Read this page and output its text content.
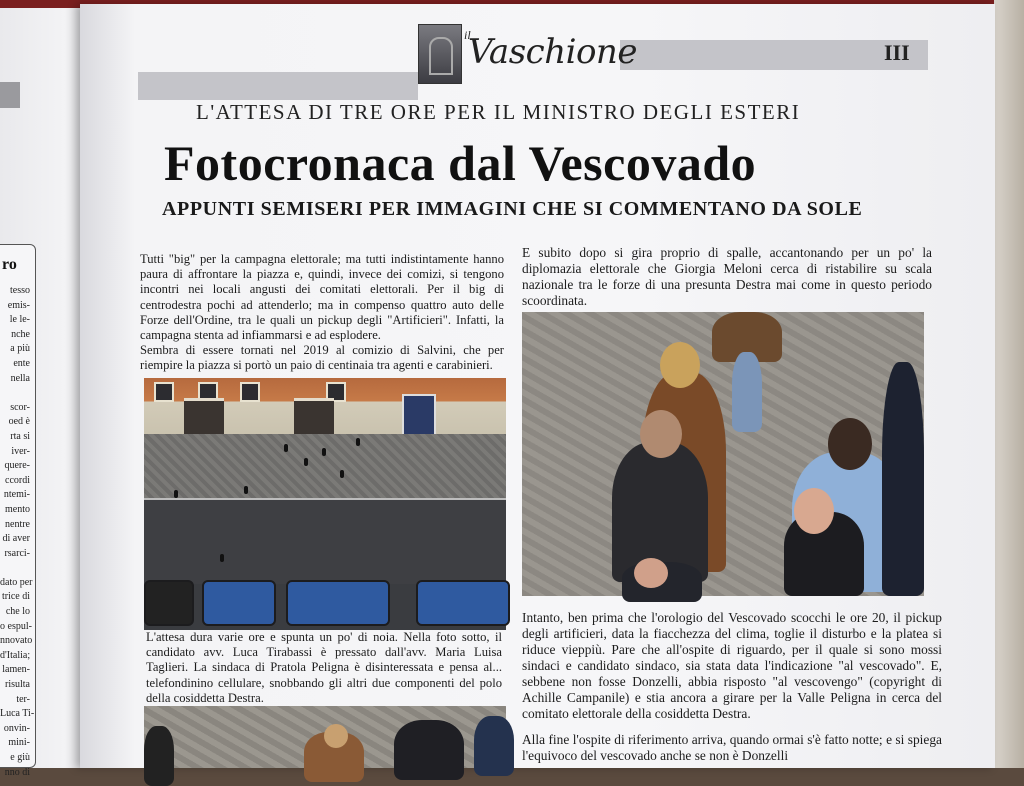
ro
tesso
emis-
le le-
nche
a più
ente
nella

scor-
oed è
rta si
iver-
quere-
ccordi
ntemi-
mento
nentre
di aver
rsarci-

dato per
trice di
che lo
o espul-
nnovato
d'Italia;
lamen-
risulta
ter-
Luca Ti-
onvin-
mini-
e giù
nno di
III
il
Vaschione
L'ATTESA DI TRE ORE PER IL MINISTRO DEGLI ESTERI
Fotocronaca dal Vescovado
APPUNTI SEMISERI PER IMMAGINI CHE SI COMMENTANO DA SOLE

Tutti "big" per la campagna elettorale; ma tutti indistintamente hanno paura di affrontare la piazza e, quindi, invece dei comizi, si tengono incontri nei locali angusti dei comitati elettorali. Per il big di centrodestra pochi ad attenderlo; ma in compenso quattro auto delle Forze dell'Ordine, tra le quali un pickup degli "Artificieri". Infatti, la campagna stenta ad infiammarsi e ad esplodere.

Sembra di essere tornati nel 2019 al comizio di Salvini, che per riempire la piazza si portò un paio di centinaia tra agenti e carabinieri.

L'attesa dura varie ore e spunta un po' di noia. Nella foto sotto, il candidato avv. Luca Tirabassi è pressato dall'avv. Maria Luisa Taglieri. La sindaca di Pratola Peligna è disinteressata e pensa al... telefondinino cellulare, snobbando gli altri due componenti del polo della cosiddetta Destra.

E subito dopo si gira proprio di spalle, accantonando per un po' la diplomazia elettorale che Giorgia Meloni cerca di ristabilire su scala nazionale tra le forze di una presunta Destra mai come in questo periodo scoordinata.

Intanto, ben prima che l'orologio del Vescovado scocchi le ore 20, il pickup degli artificieri, data la fiacchezza del clima, toglie il disturbo e la platea si riduce vieppiù. Pare che all'ospite di riguardo, per il quale si sono mossi sindaci e candidato sindaco, sia stata data l'indicazione "al vescovado". E, sebbene non fosse Donzelli, abbia risposto "al vescovengo" (copyright di Achille Campanile) e stia ancora a girare per la Valle Peligna in cerca del comitato elettorale della cosiddetta Destra.

Alla fine l'ospite di riferimento arriva, quando ormai s'è fatto notte; e si spiega l'equivoco del vescovado anche se non è Donzelli
